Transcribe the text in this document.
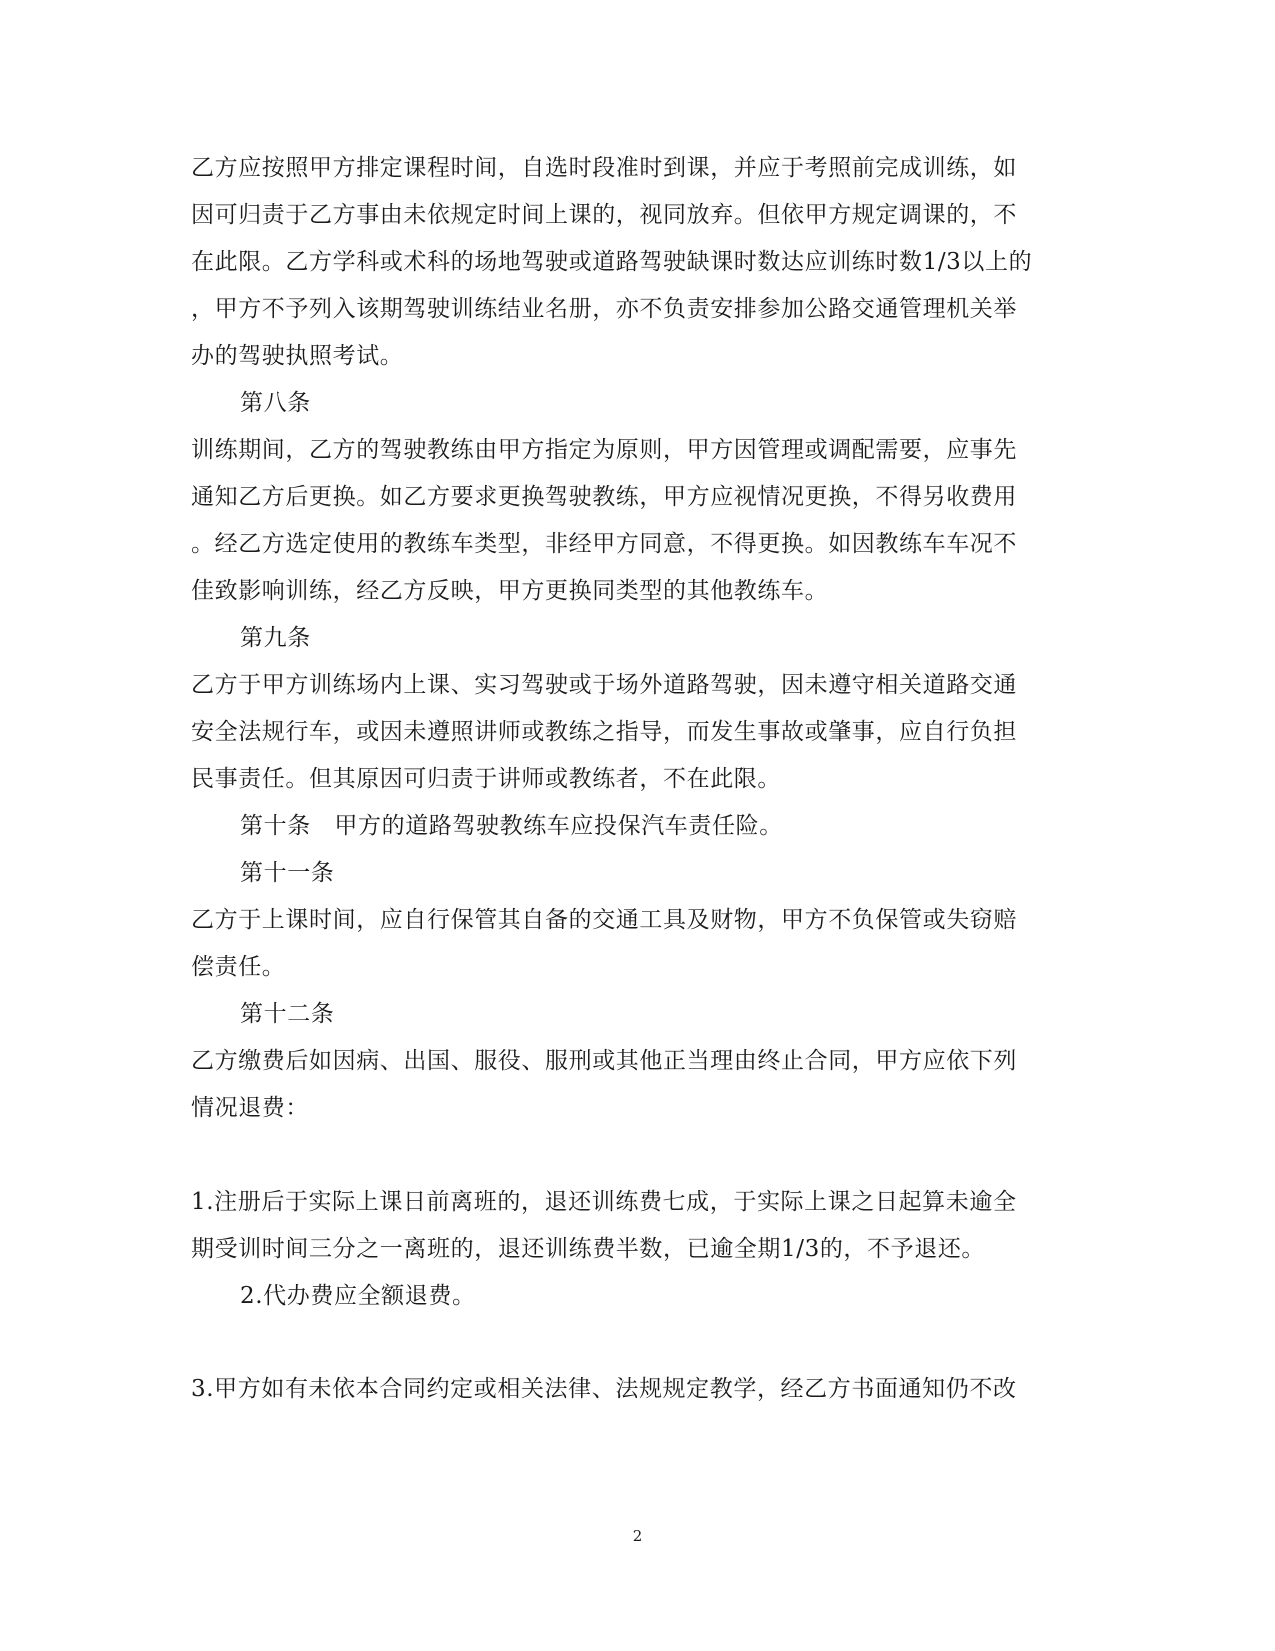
乙方应按照甲方排定课程时间，自选时段准时到课，并应于考照前完成训练，如
因可归责于乙方事由未依规定时间上课的，视同放弃。但依甲方规定调课的，不
在此限。乙方学科或术科的场地驾驶或道路驾驶缺课时数达应训练时数1/3以上的
，甲方不予列入该期驾驶训练结业名册，亦不负责安排参加公路交通管理机关举
办的驾驶执照考试。
第八条
训练期间，乙方的驾驶教练由甲方指定为原则，甲方因管理或调配需要，应事先
通知乙方后更换。如乙方要求更换驾驶教练，甲方应视情况更换，不得另收费用
。经乙方选定使用的教练车类型，非经甲方同意，不得更换。如因教练车车况不
佳致影响训练，经乙方反映，甲方更换同类型的其他教练车。
第九条
乙方于甲方训练场内上课、实习驾驶或于场外道路驾驶，因未遵守相关道路交通
安全法规行车，或因未遵照讲师或教练之指导，而发生事故或肇事，应自行负担
民事责任。但其原因可归责于讲师或教练者，不在此限。
第十条　甲方的道路驾驶教练车应投保汽车责任险。
第十一条
乙方于上课时间，应自行保管其自备的交通工具及财物，甲方不负保管或失窃赔
偿责任。
第十二条
乙方缴费后如因病、出国、服役、服刑或其他正当理由终止合同，甲方应依下列
情况退费：
1.注册后于实际上课日前离班的，退还训练费七成，于实际上课之日起算未逾全
期受训时间三分之一离班的，退还训练费半数，已逾全期1/3的，不予退还。
2.代办费应全额退费。
3.甲方如有未依本合同约定或相关法律、法规规定教学，经乙方书面通知仍不改
2
